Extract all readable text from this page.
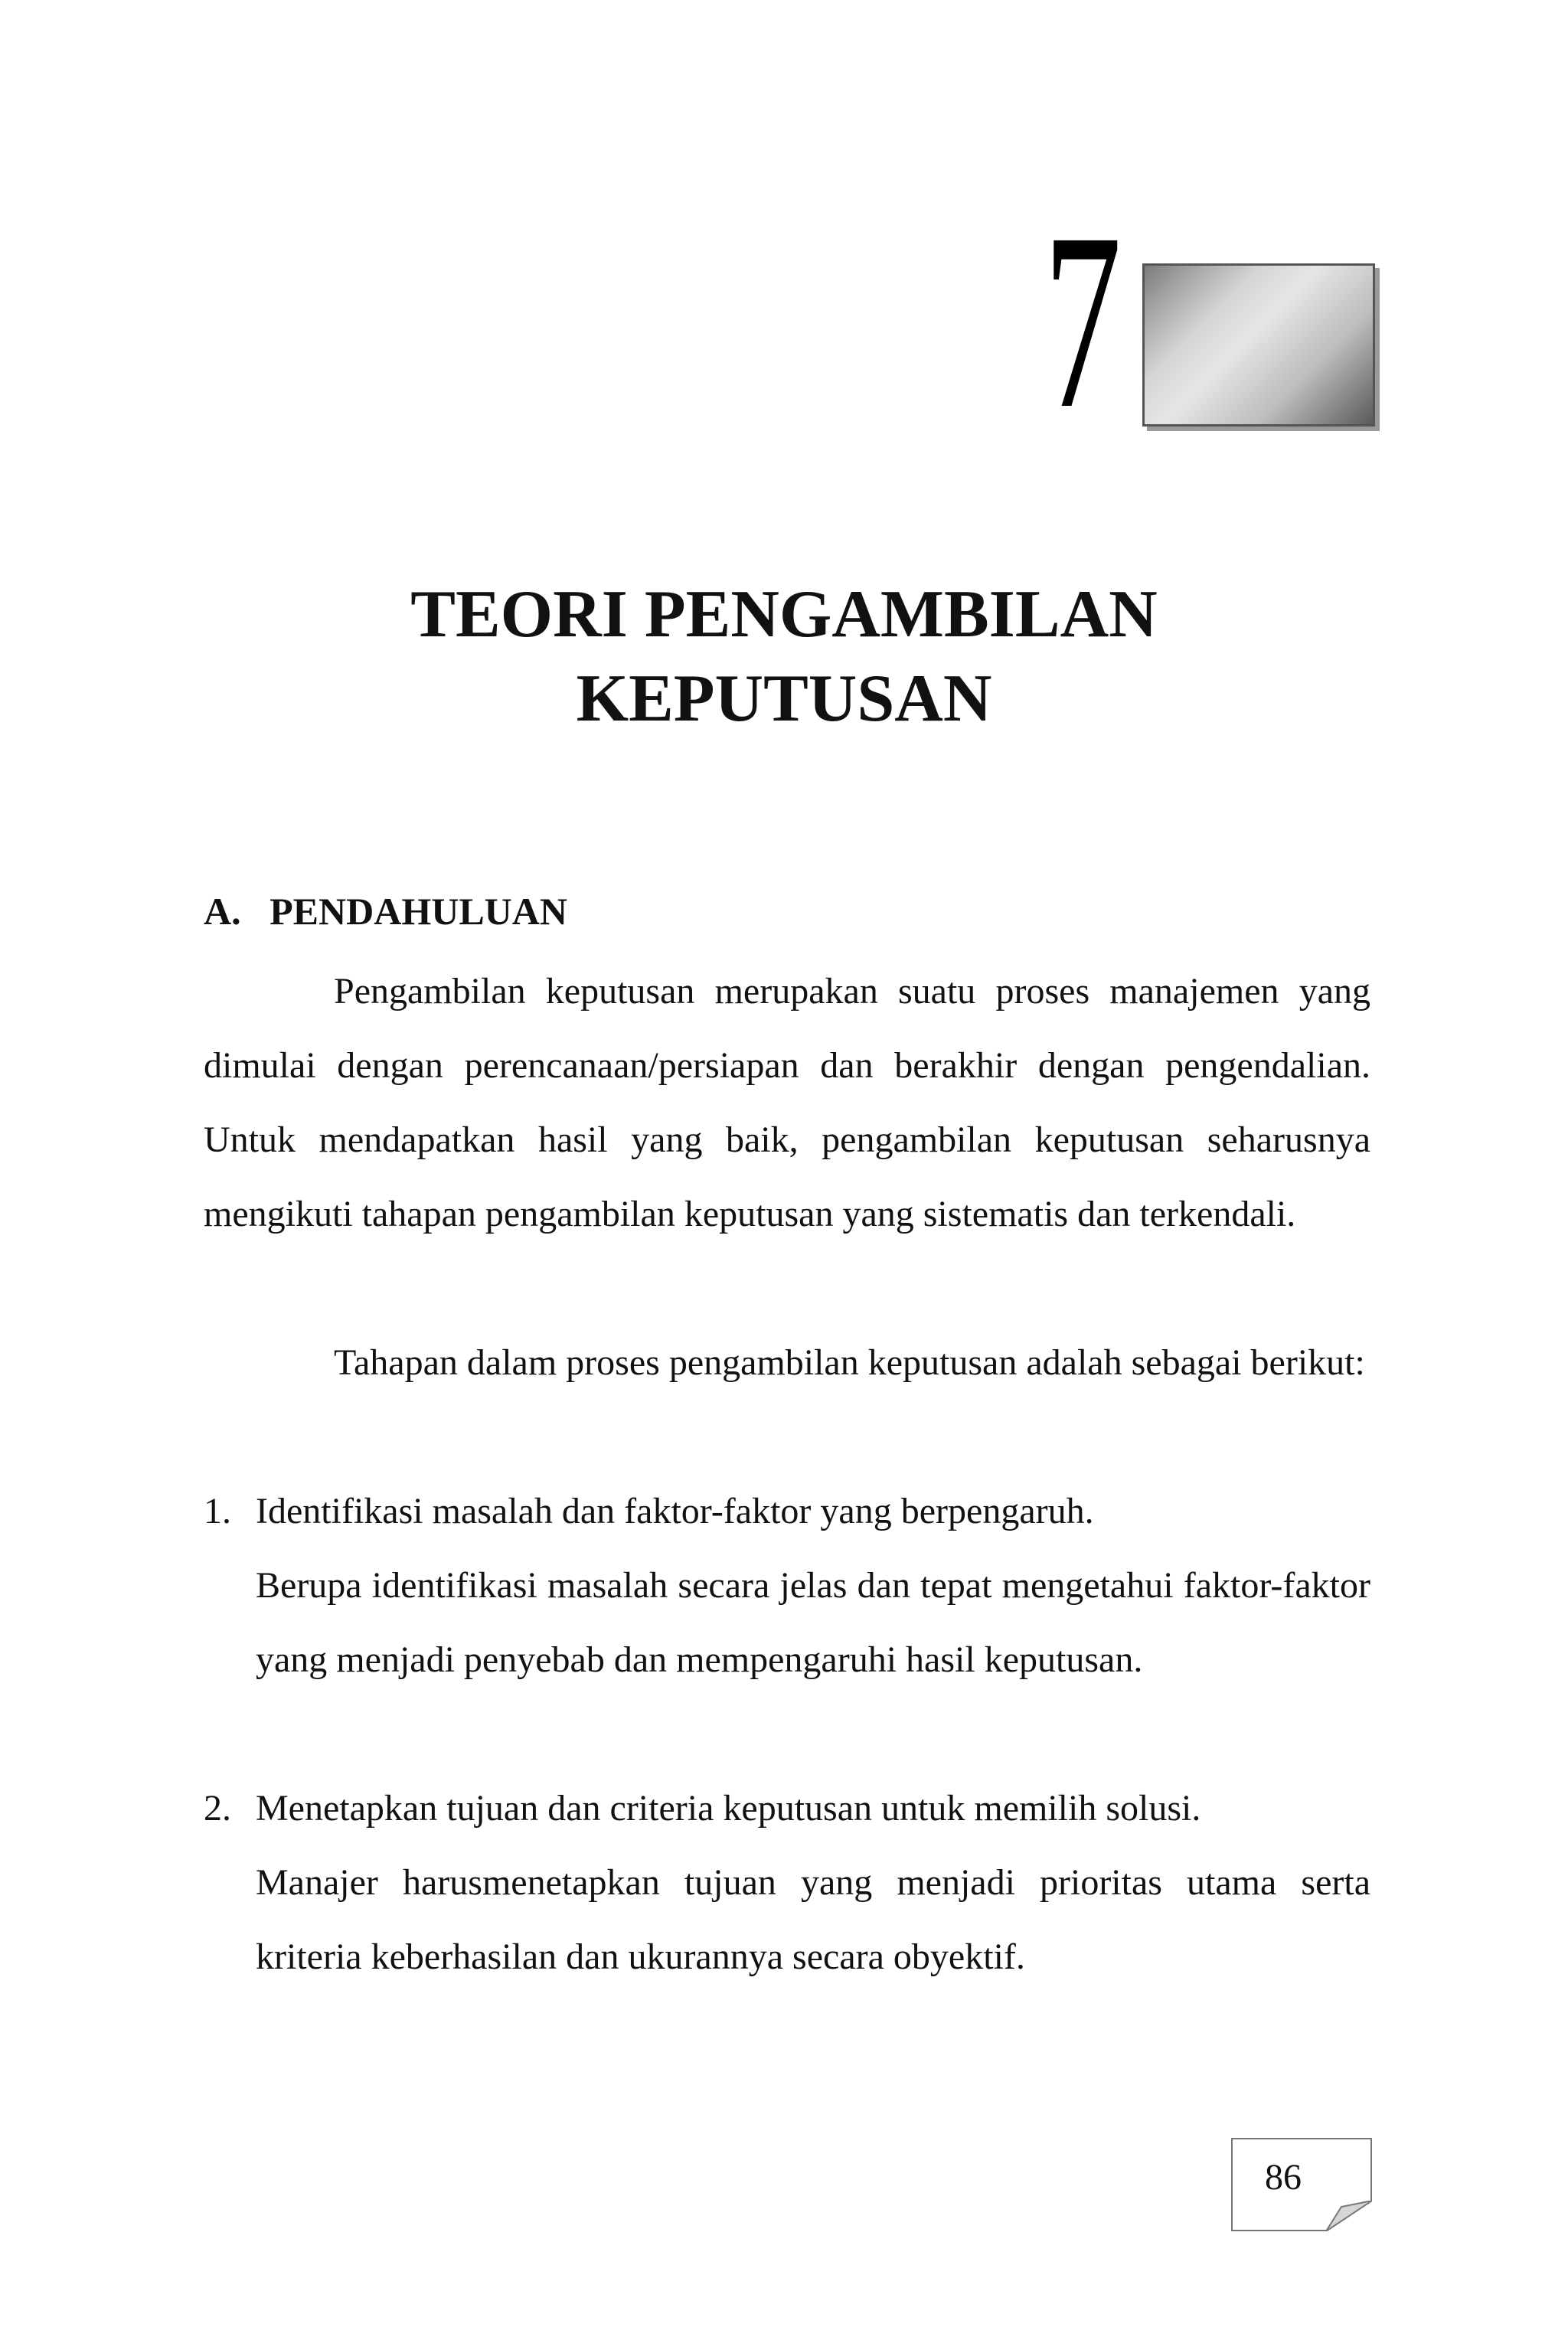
7
TEORI PENGAMBILAN
KEPUTUSAN
A. PENDAHULUAN
Pengambilan keputusan merupakan suatu proses manajemen yang dimulai dengan perencanaan/persiapan dan berakhir dengan pengendalian. Untuk mendapatkan hasil yang baik, pengambilan keputusan seharusnya mengikuti tahapan pengambilan keputusan yang sistematis dan terkendali.
Tahapan dalam proses pengambilan keputusan adalah sebagai berikut:
1. Identifikasi masalah dan faktor-faktor yang berpengaruh.
Berupa identifikasi masalah secara jelas dan tepat mengetahui faktor-faktor yang menjadi penyebab dan mempengaruhi hasil keputusan.
2. Menetapkan tujuan dan criteria keputusan untuk memilih solusi.
Manajer harusmenetapkan tujuan yang menjadi prioritas utama serta kriteria keberhasilan dan ukurannya secara obyektif.
86
